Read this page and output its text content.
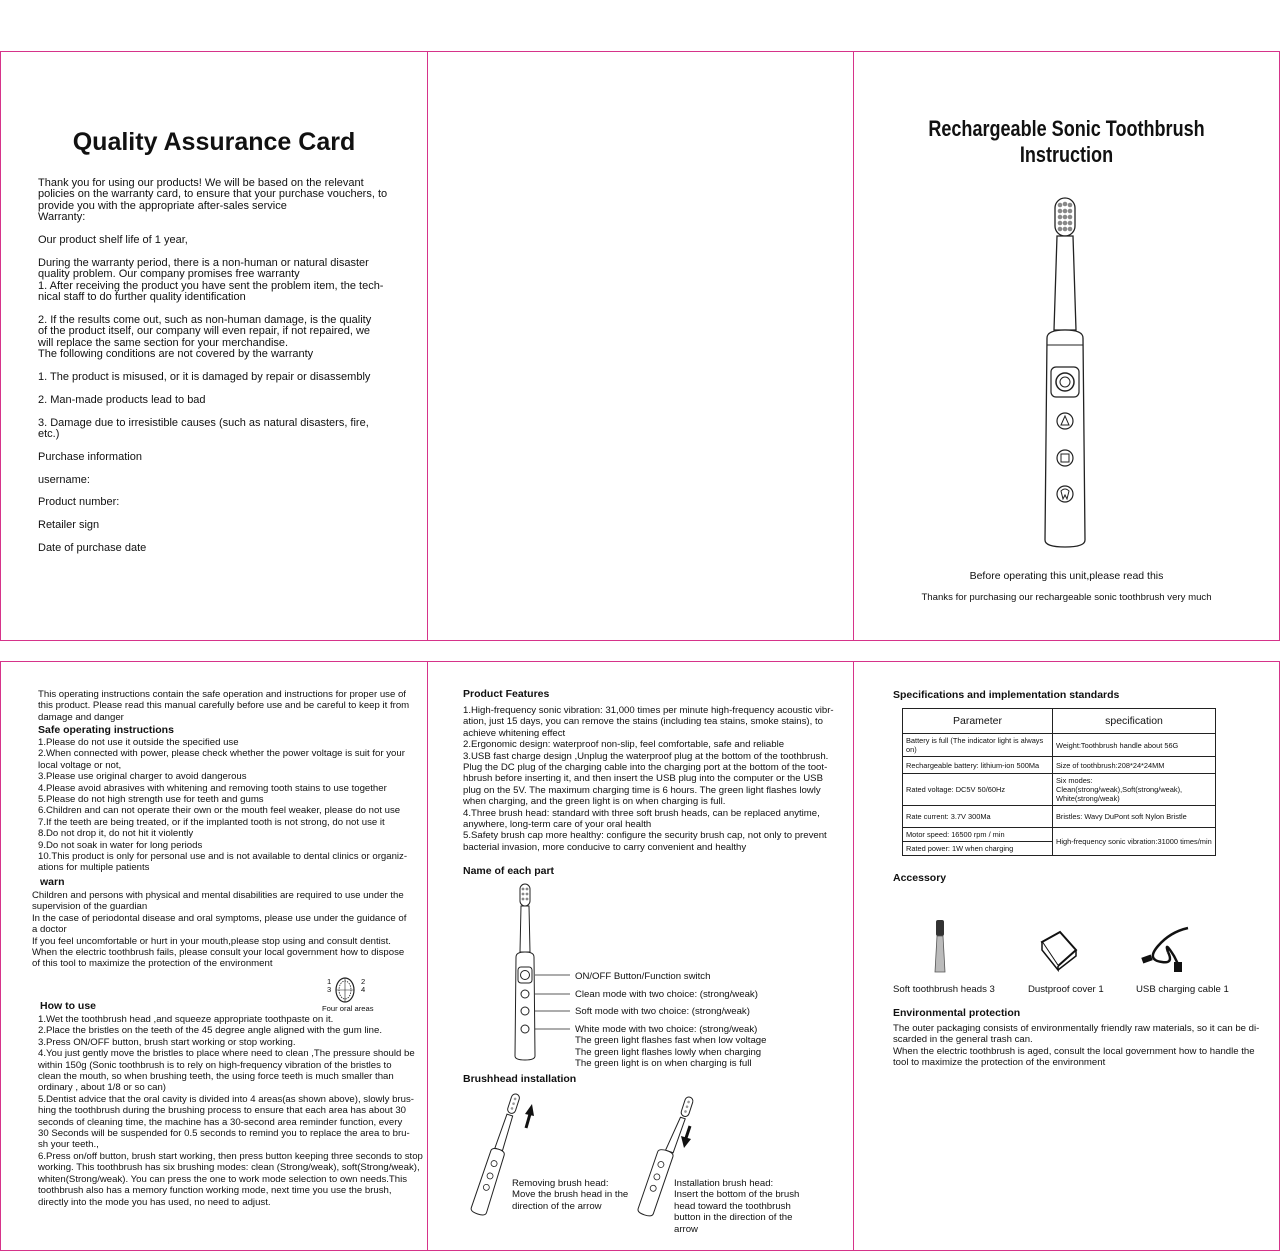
Quality Assurance Card
Thank you for using our products! We will be based on the relevant
policies on the warranty card, to ensure that your purchase vouchers, to
provide you with the appropriate after-sales service
Warranty:

Our product shelf life of 1 year,

During the warranty period, there is a non-human or natural disaster
quality problem. Our company promises free warranty
1. After receiving the product you have sent the problem item, the tech-
nical staff to do further quality identification

2. If the results come out, such as non-human damage, is the quality
of the product itself, our company will even repair, if not repaired, we
will replace the same section for your merchandise.
The following conditions are not covered by the warranty

1. The product is misused, or it is damaged by repair or disassembly

2. Man-made products lead to bad

3. Damage due to irresistible causes (such as natural disasters, fire,
etc.)

Purchase information

username:

Product number:

Retailer sign

Date of purchase date
Rechargeable Sonic Toothbrush Instruction
Before operating this unit,please read this
Thanks for purchasing our rechargeable sonic toothbrush very much
This operating instructions contain the safe operation and instructions for proper use of
this product. Please read this manual carefully before use and be careful to keep it from
damage and danger
Safe operating instructions
1.Please do not use it outside the specified use
2.When connected with power, please check whether the power voltage is suit for your
local voltage or not,
3.Please use original charger to avoid dangerous
4.Please avoid abrasives with whitening and removing tooth stains to use together
5.Please do not high strength use for teeth and gums
6.Children and can not operate their own or the mouth feel weaker, please do not use
7.If the teeth are being treated, or if the implanted tooth is not strong, do not use it
8.Do not drop it, do not hit it violently
9.Do not soak in water for long periods
10.This product is only for personal use and is not available to dental clinics or organiz-
ations for multiple patients
warn
Children and persons with physical and mental disabilities are required to use under the
supervision of the guardian
In the case of periodontal disease and oral symptoms, please use under the guidance of
a doctor
If you feel uncomfortable or hurt in your mouth,please stop using and consult dentist.
When the electric toothbrush fails, please consult your local government how to dispose
of this tool to maximize the protection of the environment
1
3
2
4
Four oral areas
How to use
1.Wet the toothbrush head ,and squeeze appropriate toothpaste on it.
2.Place the bristles on the teeth of the 45 degree angle aligned with the gum line.
3.Press ON/OFF button, brush start working or stop working.
4.You just gently move the bristles to place where need to clean ,The pressure should be
within 150g (Sonic toothbrush is to rely on high-frequency vibration of the bristles to
clean the mouth, so when brushing teeth, the using force teeth is much smaller than
ordinary , about 1/8 or so can)
5.Dentist advice that the oral cavity is divided into 4 areas(as shown above), slowly brus-
hing the toothbrush during the brushing process to ensure that each area has about 30
seconds of cleaning time, the machine has a 30-second area reminder function, every
30 Seconds will be suspended for 0.5 seconds to remind you to replace the area to bru-
sh your teeth.,
6.Press on/off button, brush start working, then press button keeping three seconds to stop
working. This toothbrush has six brushing modes: clean (Strong/weak), soft(Strong/weak),
whiten(Strong/weak). You can press the one to work mode selection to own needs.This
toothbrush also has a memory function working mode, next time you use the brush,
directly into the mode you has used, no need to adjust.
Product Features
1.High-frequency sonic vibration: 31,000 times per minute high-frequency acoustic vibr-
ation, just 15 days, you can remove the stains (including tea stains, smoke stains), to
achieve whitening effect
2.Ergonomic design: waterproof non-slip, feel comfortable, safe and reliable
3.USB fast charge design ,Unplug the waterproof plug at the bottom of the toothbrush.
Plug the DC plug of the charging cable into the charging port at the bottom of the toot-
hbrush before inserting it, and then insert the USB plug into the computer or the USB
plug on the 5V. The maximum charging time is 6 hours. The green light flashes lowly
when charging, and the green light is on when charging is full.
4.Three brush head: standard with three soft brush heads, can be replaced anytime,
anywhere, long-term care of your oral health
5.Safety brush cap more healthy: configure the security brush cap, not only to prevent
bacterial invasion, more conducive to carry convenient and healthy
Name of each part
ON/OFF Button/Function switch
Clean mode with two choice: (strong/weak)
Soft mode with two choice: (strong/weak)
White mode with two choice: (strong/weak)
The green light flashes fast when low voltage
The green light flashes lowly when charging
The green light is on when charging is full
Brushhead installation
Removing brush head:
Move the brush head in the
direction of the arrow
Installation brush head:
Insert the bottom of the brush
head toward the toothbrush
button in the direction of the
arrow
Specifications and implementation standards
Parameter	specification
Battery is full (The indicator light is always on)	Weight:Toothbrush handle about 56G
Rechargeable battery: lithium-ion 500Ma	Size of toothbrush:208*24*24MM
Rated voltage: DC5V 50/60Hz	Six modes: Clean(strong/weak),Soft(strong/weak),
White(strong/weak)
Rate current: 3.7V 300Ma	Bristles: Wavy DuPont soft Nylon Bristle
Motor speed: 16500 rpm / min	High-frequency sonic vibration:31000 times/min
Rated power: 1W when charging	
Accessory
Soft toothbrush heads 3	Dustproof cover 1	USB charging cable 1
Environmental protection
The outer packaging consists of environmentally friendly raw materials, so it can be di-
scarded in the general trash can.
When the electric toothbrush is aged, consult the local government how to handle the
tool to maximize the protection of the environment
